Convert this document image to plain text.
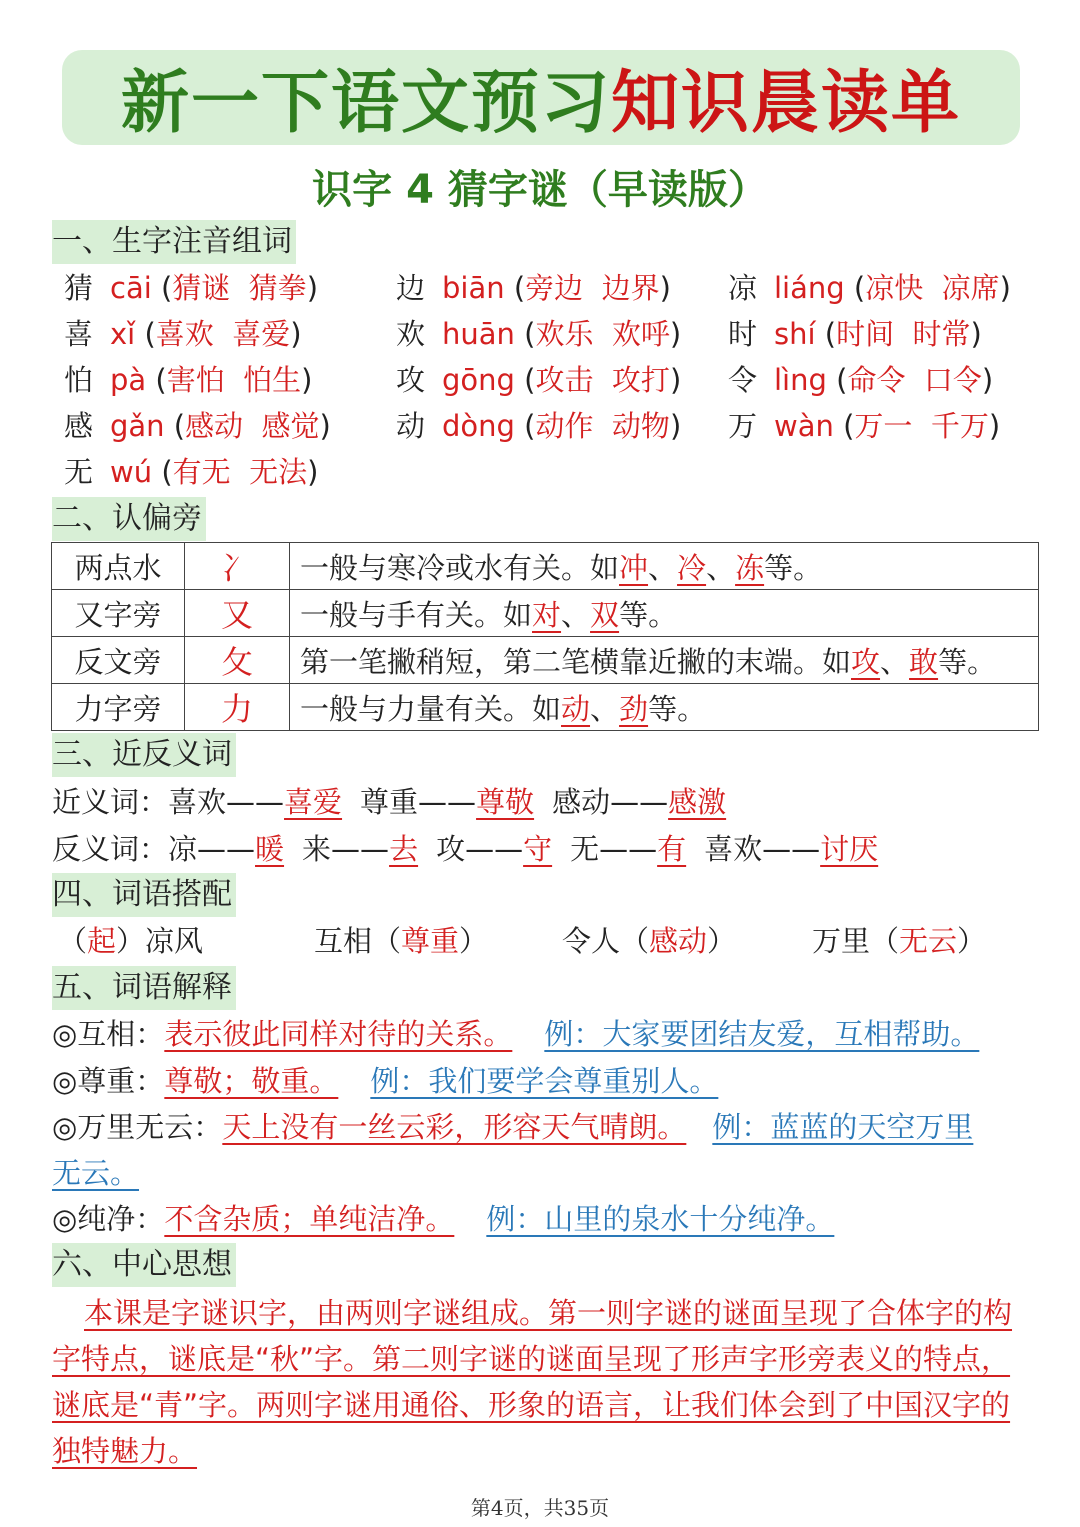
新一下语文预习 知识晨读单
识字 4 猜字谜（早读版）
一、生字注音组词
猜 cāi (猜谜  猜拳)	边 biān (旁边  边界) 凉 liáng (凉快  凉席)
喜 xǐ (喜欢  喜爱)	欢 huān (欢乐  欢呼) 时 shí (时间  时常)
怕 pà (害怕  怕生)	攻 gōng (攻击  攻打) 令 lìng (命令  口令)
感 gǎn (感动  感觉) 动 dòng (动作  动物) 万 wàn (万一  千万)
无 wú (有无  无法)
二、认偏旁
两点水	冫	一般与寒冷或水有关。如冲、冷、冻等。
又字旁	又	一般与手有关。如对、双等。
反文旁	攵	第一笔撇稍短，第二笔横靠近撇的末端。如攻、敢等。
力字旁	力	一般与力量有关。如动、劲等。
三、近反义词
近义词：喜欢——喜爱 尊重——尊敬 感动——感激
反义词：凉——暖 来——去 攻——守 无——有 喜欢——讨厌
四、词语搭配
（起）凉风	互相（尊重）	令人（感动）	万里（无云）
五、词语解释
◎互相：表示彼此同样对待的关系。 例：大家要团结友爱，互相帮助。
◎尊重：尊敬；敬重。 例：我们要学会尊重别人。
◎万里无云：天上没有一丝云彩，形容天气晴朗。 例：蓝蓝的天空万里
无云。
◎纯净：不含杂质；单纯洁净。 例：山里的泉水十分纯净。
六、中心思想
本课是字谜识字，由两则字谜组成。第一则字谜的谜面呈现了合体字的构字特点，谜底是“秋”字。第二则字谜的谜面呈现了形声字形旁表义的特点，谜底是“青”字。两则字谜用通俗、形象的语言，让我们体会到了中国汉字的独特魅力。
第4页，共35页
